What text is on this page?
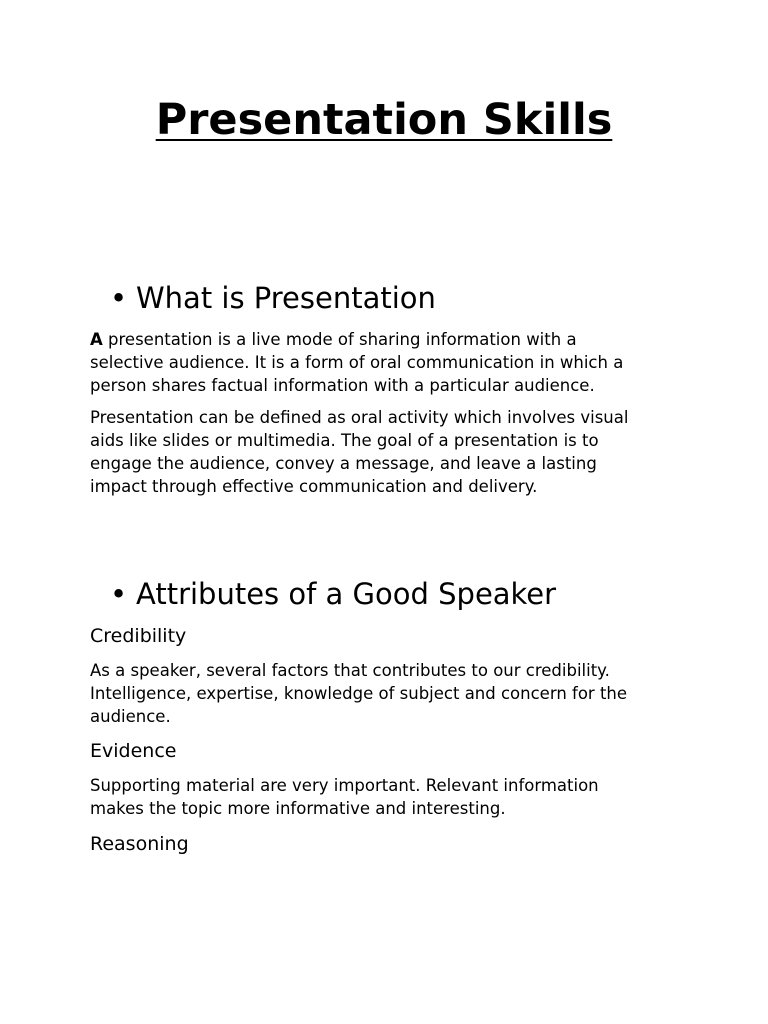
Presentation Skills
• What is Presentation

A presentation is a live mode of sharing information with a
selective audience. It is a form of oral communication in which a
person shares factual information with a particular audience.

Presentation can be defined as oral activity which involves visual
aids like slides or multimedia. The goal of a presentation is to
engage the audience, convey a message, and leave a lasting
impact through effective communication and delivery.

• Attributes of a Good Speaker
Credibility

As a speaker, several factors that contributes to our credibility.
Intelligence, expertise, knowledge of subject and concern for the
audience.

Evidence

Supporting material are very important. Relevant information
makes the topic more informative and interesting.

Reasoning
